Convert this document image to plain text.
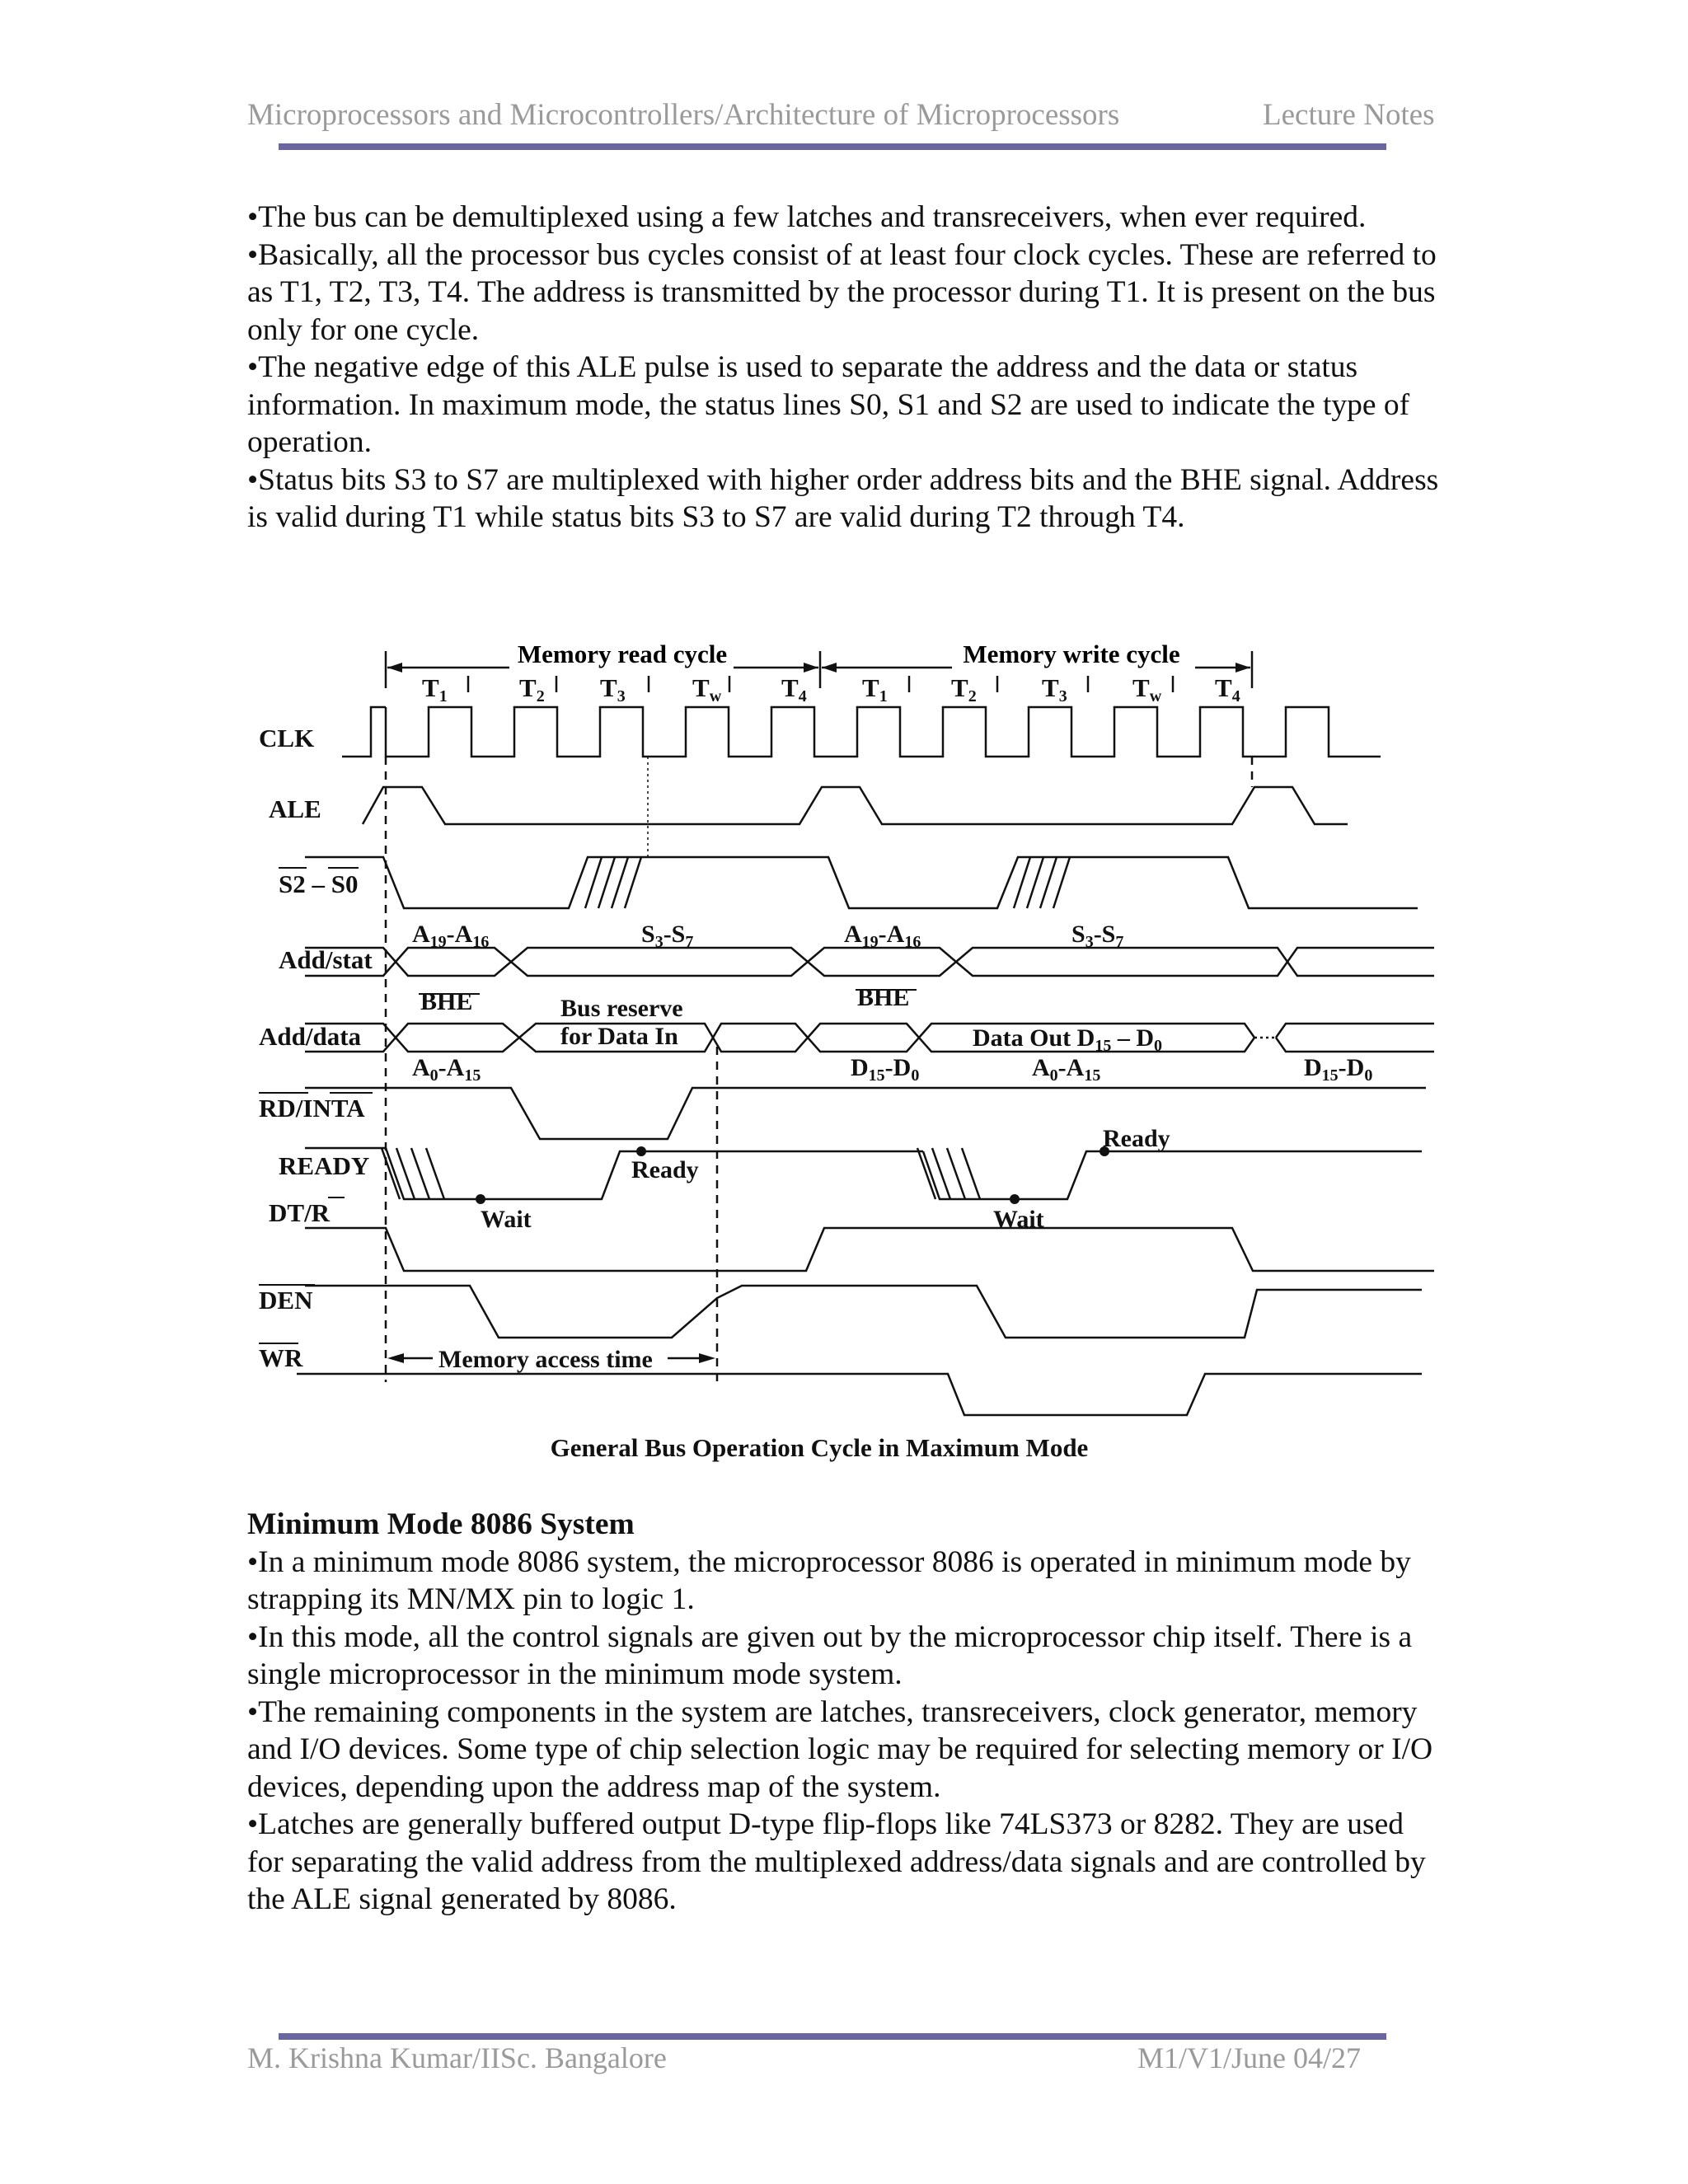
Microprocessors and Microcontrollers/Architecture of Microprocessors	Lecture Notes

•The bus can be demultiplexed using a few latches and transreceivers, when ever required.

•Basically, all the processor bus cycles consist of at least four clock cycles. These are referred to as T1, T2, T3, T4. The address is transmitted by the processor during T1. It is present on the bus only for one cycle.

•The negative edge of this ALE pulse is used to separate the address and the data or status information. In maximum mode, the status lines S0, S1 and S2 are used to indicate the type of operation.

•Status bits S3 to S7 are multiplexed with higher order address bits and the BHE signal. Address is valid during T1 while status bits S3 to S7 are valid during T2 through T4.

Memory read cycle	Memory write cycle
T1	T2 T3	Tw T4 T1 T2	T3	Tw T4
CLK
ALE
S2 – S0
Add/stat
Add/data
RD/INTA
READY
DT/R
DEN
WR
$A_{19}-A_{16}$	$S_3-S_7$	$A_{19}-A_{16}$	$S_3-S_7$
BHE	BHE
Bus reserve
for Data In	Data Out $D_{15} - D_0$
$A_0-A_{15}$	$D_{15}-D_0$	$A_0-A_{15}$	$D_{15}-D_0$
Ready
Ready
Wait	Wait
Memory access time
General Bus Operation Cycle in Maximum Mode

Minimum Mode 8086 System

•In a minimum mode 8086 system, the microprocessor 8086 is operated in minimum mode by strapping its MN/MX pin to logic 1.

•In this mode, all the control signals are given out by the microprocessor chip itself. There is a single microprocessor in the minimum mode system.

•The remaining components in the system are latches, transreceivers, clock generator, memory and I/O devices. Some type of chip selection logic may be required for selecting memory or I/O devices, depending upon the address map of the system.

•Latches are generally buffered output D-type flip-flops like 74LS373 or 8282. They are used for separating the valid address from the multiplexed address/data signals and are controlled by the ALE signal generated by 8086.

M. Krishna Kumar/IISc. Bangalore	M1/V1/June 04/27
